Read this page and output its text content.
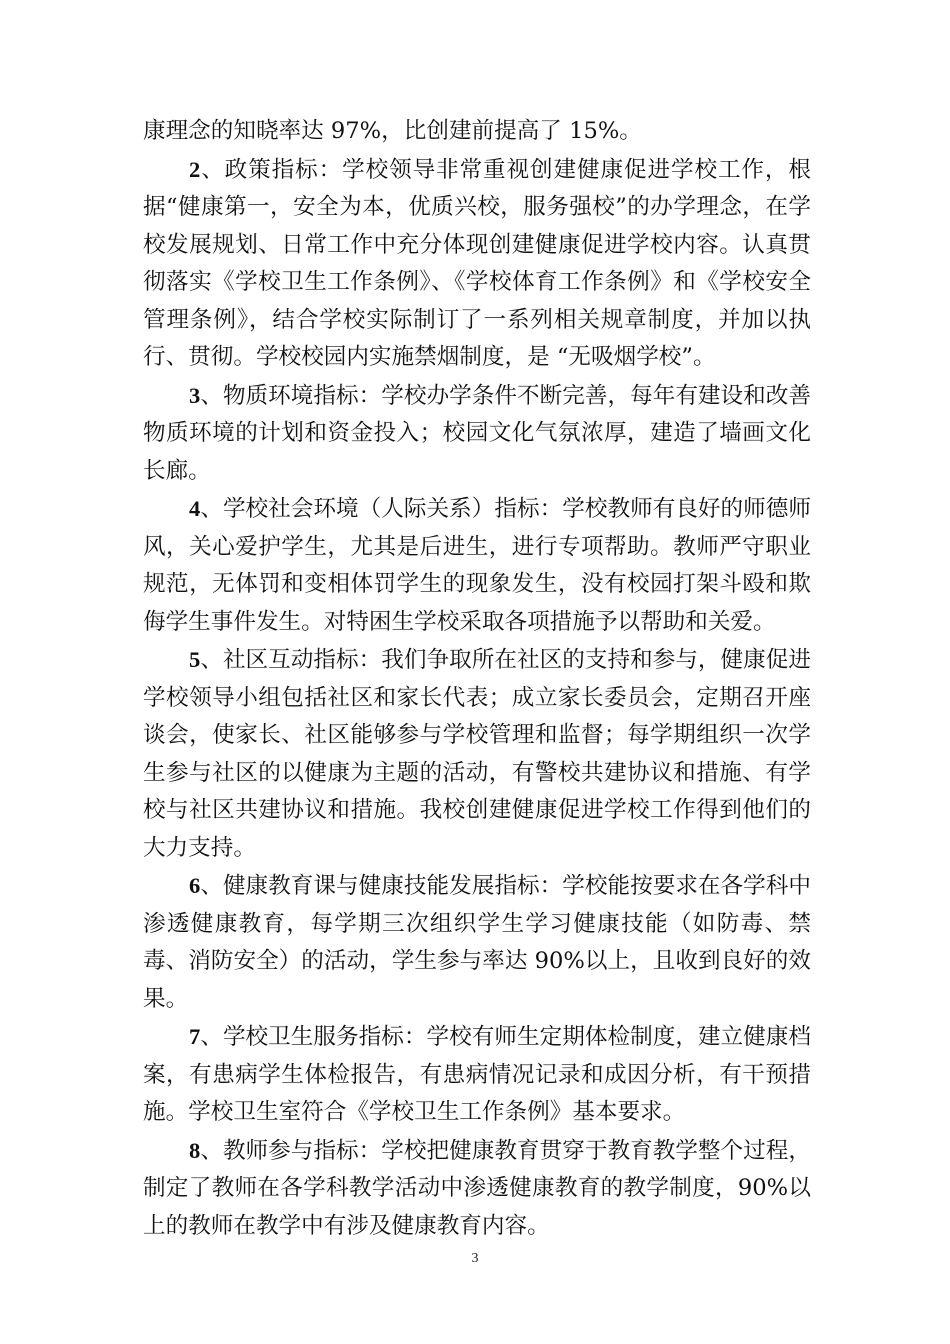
康理念的知晓率达 97%，比创建前提高了 15%。

2、政策指标：学校领导非常重视创建健康促进学校工作，根据“健康第一，安全为本，优质兴校，服务强校”的办学理念，在学校发展规划、日常工作中充分体现创建健康促进学校内容。认真贯彻落实《学校卫生工作条例》、《学校体育工作条例》和《学校安全管理条例》，结合学校实际制订了一系列相关规章制度，并加以执行、贯彻。学校校园内实施禁烟制度，是 “无吸烟学校”。

3、物质环境指标：学校办学条件不断完善，每年有建设和改善物质环境的计划和资金投入；校园文化气氛浓厚，建造了墙画文化长廊。

4、学校社会环境（人际关系）指标：学校教师有良好的师德师风，关心爱护学生，尤其是后进生，进行专项帮助。教师严守职业规范，无体罚和变相体罚学生的现象发生，没有校园打架斗殴和欺侮学生事件发生。对特困生学校采取各项措施予以帮助和关爱。

5、社区互动指标：我们争取所在社区的支持和参与，健康促进学校领导小组包括社区和家长代表；成立家长委员会，定期召开座谈会，使家长、社区能够参与学校管理和监督；每学期组织一次学生参与社区的以健康为主题的活动，有警校共建协议和措施、有学校与社区共建协议和措施。我校创建健康促进学校工作得到他们的大力支持。

6、健康教育课与健康技能发展指标：学校能按要求在各学科中渗透健康教育，每学期三次组织学生学习健康技能（如防毒、禁毒、消防安全）的活动，学生参与率达 90%以上，且收到良好的效果。

7、学校卫生服务指标：学校有师生定期体检制度，建立健康档案，有患病学生体检报告，有患病情况记录和成因分析，有干预措施。学校卫生室符合《学校卫生工作条例》基本要求。

8、教师参与指标：学校把健康教育贯穿于教育教学整个过程，制定了教师在各学科教学活动中渗透健康教育的教学制度，90%以上的教师在教学中有涉及健康教育内容。

3
